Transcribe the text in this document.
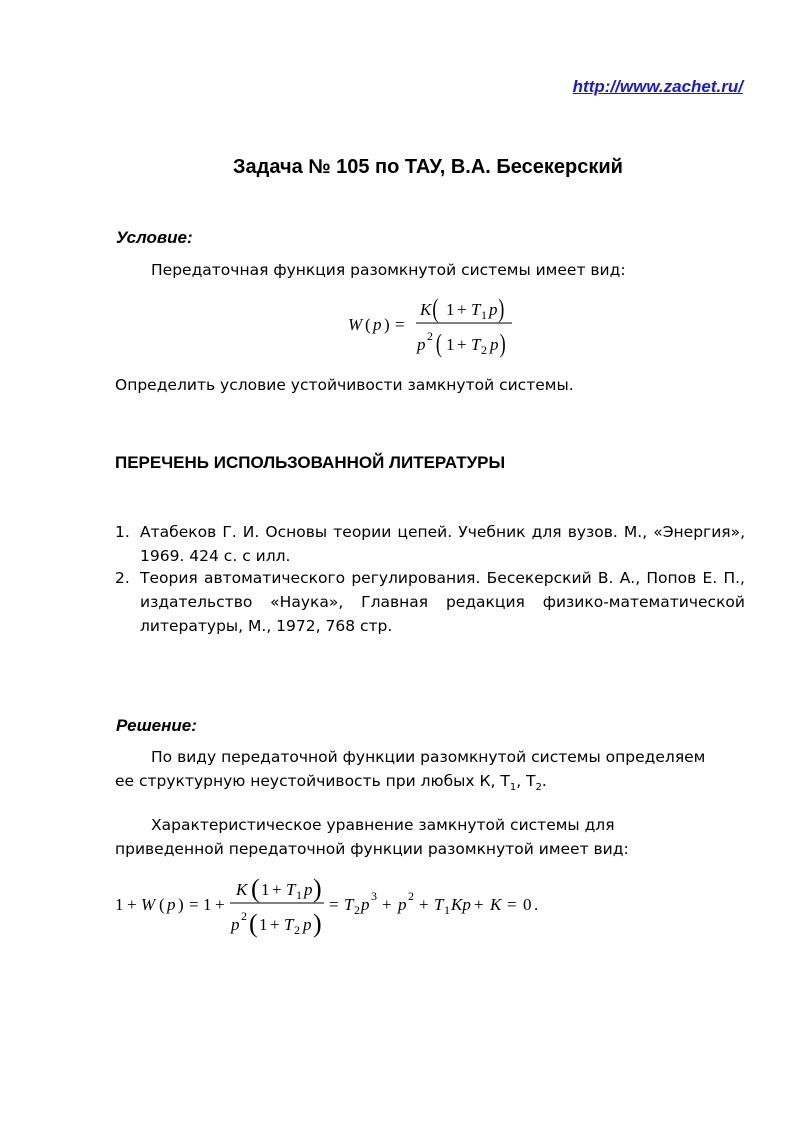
http://www.zachet.ru/
Задача № 105 по ТАУ, В.А. Бесекерский
Условие:
Передаточная функция разомкнутой системы имеет вид:
W ( p ) =
K ( 1 + T 1 p )
p 2 ( 1 + T 2 p )
Определить условие устойчивости замкнутой системы.
ПЕРЕЧЕНЬ ИСПОЛЬЗОВАННОЙ ЛИТЕРАТУРЫ
1. Атабеков Г. И. Основы теории цепей. Учебник для вузов. М., «Энергия», 1969. 424 с. с илл.
2. Теория автоматического регулирования. Бесекерский В. А., Попов Е. П., издательство «Наука», Главная редакция физико-математической литературы, М., 1972, 768 стр.
Решение:
По виду передаточной функции разомкнутой системы определяем ее структурную неустойчивость при любых К, $Т_1$, $Т_2$.
Характеристическое уравнение замкнутой системы для приведенной передаточной функции разомкнутой имеет вид:
1 + W ( p ) = 1 +
K ( 1 + T 1 p )
p 2 ( 1 + T 2 p )
= T 2 p 3 + p 2 + T 1 Kp + K = 0 .
